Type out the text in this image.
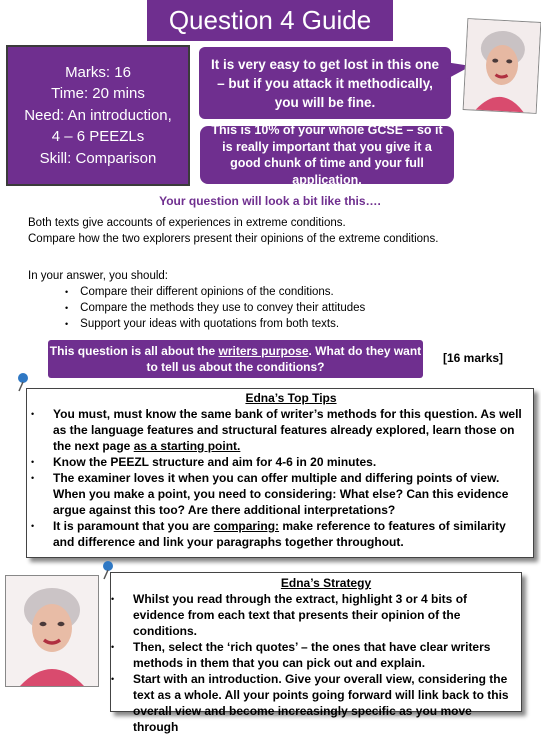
Question 4 Guide
Marks: 16
Time: 20 mins
Need: An introduction,
4 – 6 PEEZLs
Skill: Comparison
It is very easy to get lost in this one – but if you attack it methodically, you will be fine.
This is 10% of your whole GCSE – so it is really important that you give it a good chunk of time and your full application.
Your question will look a bit like this….
Both texts give accounts of experiences in extreme conditions.
Compare how the two explorers present their opinions of the extreme conditions.
In your answer, you should:
• Compare their different opinions of the conditions.
• Compare the methods they use to convey their attitudes
• Support your ideas with quotations from both texts.
This question is all about the writers purpose. What do they want to tell us about the conditions?
[16 marks]
Edna’s Top Tips
• You must, must know the same bank of writer’s methods for this question. As well as the language features and structural features already explored, learn those on the next page as a starting point.
• Know the PEEZL structure and aim for 4-6 in 20 minutes.
• The examiner loves it when you can offer multiple and differing points of view. When you make a point, you need to considering: What else? Can this evidence argue against this too? Are there additional interpretations?
• It is paramount that you are comparing: make reference to features of similarity and difference and link your paragraphs together throughout.
Edna’s Strategy
• Whilst you read through the extract, highlight 3 or 4 bits of evidence from each text that presents their opinion of the conditions.
• Then, select the ‘rich quotes’ – the ones that have clear writers methods in them that you can pick out and explain.
• Start with an introduction. Give your overall view, considering the text as a whole. All your points going forward will link back to this overall view and become increasingly specific as you move through
